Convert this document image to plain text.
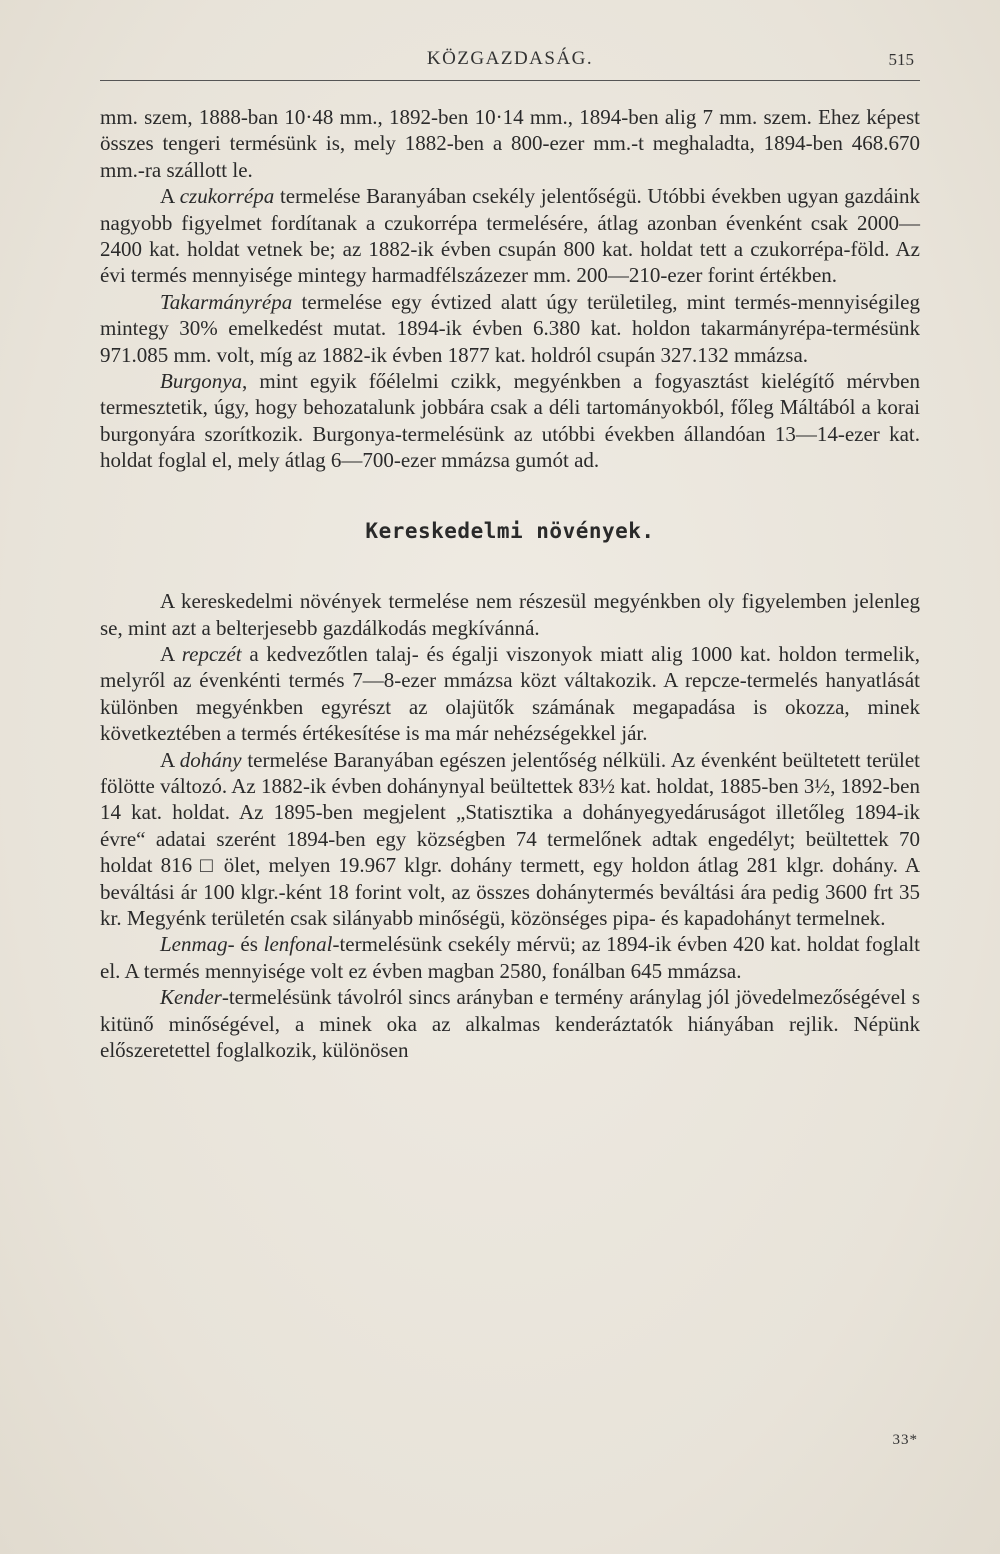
KÖZGAZDASÁG.	515

mm. szem, 1888-ban 10·48 mm., 1892-ben 10·14 mm., 1894-ben alig 7 mm. szem. Ehez képest összes tengeri termésünk is, mely 1882-ben a 800-ezer mm.-t meghaladta, 1894-ben 468.670 mm.-ra szállott le.

A czukorrépa termelése Baranyában csekély jelentőségü. Utóbbi években ugyan gazdáink nagyobb figyelmet fordítanak a czukorrépa termelésére, átlag azonban évenként csak 2000—2400 kat. holdat vetnek be; az 1882-ik évben csupán 800 kat. holdat tett a czukorrépa-föld. Az évi termés mennyisége mintegy harmadfélszázezer mm. 200—210-ezer forint értékben.

Takarmányrépa termelése egy évtized alatt úgy területileg, mint termés-mennyiségileg mintegy 30% emelkedést mutat. 1894-ik évben 6.380 kat. holdon takarmányrépa-termésünk 971.085 mm. volt, míg az 1882-ik évben 1877 kat. holdról csupán 327.132 mmázsa.

Burgonya, mint egyik főélelmi czikk, megyénkben a fogyasztást kielégítő mérvben termesztetik, úgy, hogy behozatalunk jobbára csak a déli tartományokból, főleg Máltából a korai burgonyára szorítkozik. Burgonya-termelésünk az utóbbi években állandóan 13—14-ezer kat. holdat foglal el, mely átlag 6—700-ezer mmázsa gumót ad.

Kereskedelmi növények.

A kereskedelmi növények termelése nem részesül megyénkben oly figyelemben jelenleg se, mint azt a belterjesebb gazdálkodás megkívánná.

A repczét a kedvezőtlen talaj- és égalji viszonyok miatt alig 1000 kat. holdon termelik, melyről az évenkénti termés 7—8-ezer mmázsa közt váltakozik. A repcze-termelés hanyatlását különben megyénkben egyrészt az olajütők számának megapadása is okozza, minek következtében a termés értékesítése is ma már nehézségekkel jár.

A dohány termelése Baranyában egészen jelentőség nélküli. Az évenként beültetett terület fölötte változó. Az 1882-ik évben dohánynyal beültettek 83½ kat. holdat, 1885-ben 3½, 1892-ben 14 kat. holdat. Az 1895-ben megjelent „Statisztika a dohányegyedáruságot illetőleg 1894-ik évre“ adatai szerént 1894-ben egy községben 74 termelőnek adtak engedélyt; beültettek 70 holdat 816 □ ölet, melyen 19.967 klgr. dohány termett, egy holdon átlag 281 klgr. dohány. A beváltási ár 100 klgr.-ként 18 forint volt, az összes dohánytermés beváltási ára pedig 3600 frt 35 kr. Megyénk területén csak silányabb minőségü, közönséges pipa- és kapadohányt termelnek.

Lenmag- és lenfonal-termelésünk csekély mérvü; az 1894-ik évben 420 kat. holdat foglalt el. A termés mennyisége volt ez évben magban 2580, fonálban 645 mmázsa.

Kender-termelésünk távolról sincs arányban e termény aránylag jól jövedelmezőségével s kitünő minőségével, a minek oka az alkalmas kenderáztatók hiányában rejlik. Népünk előszeretettel foglalkozik, különösen

33*
